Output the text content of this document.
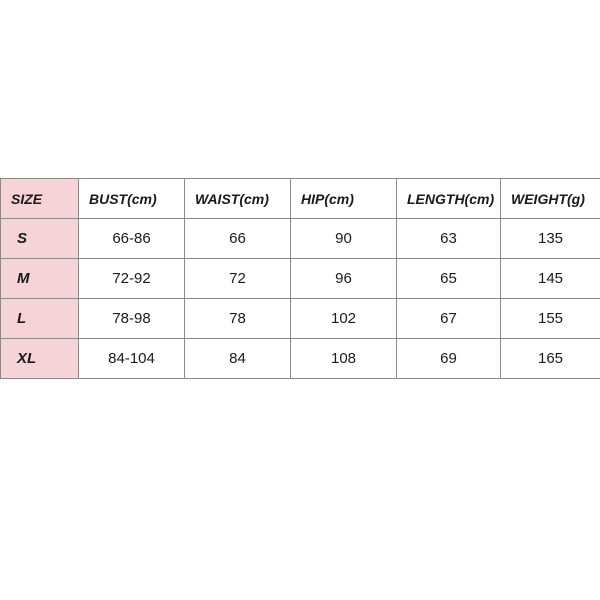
SIZE	BUST(cm)	WAIST(cm)	HIP(cm)	LENGTH(cm)	WEIGHT(g)
S	66-86	66	90	63	135
M	72-92	72	96	65	145
L	78-98	78	102	67	155
XL	84-104	84	108	69	165
